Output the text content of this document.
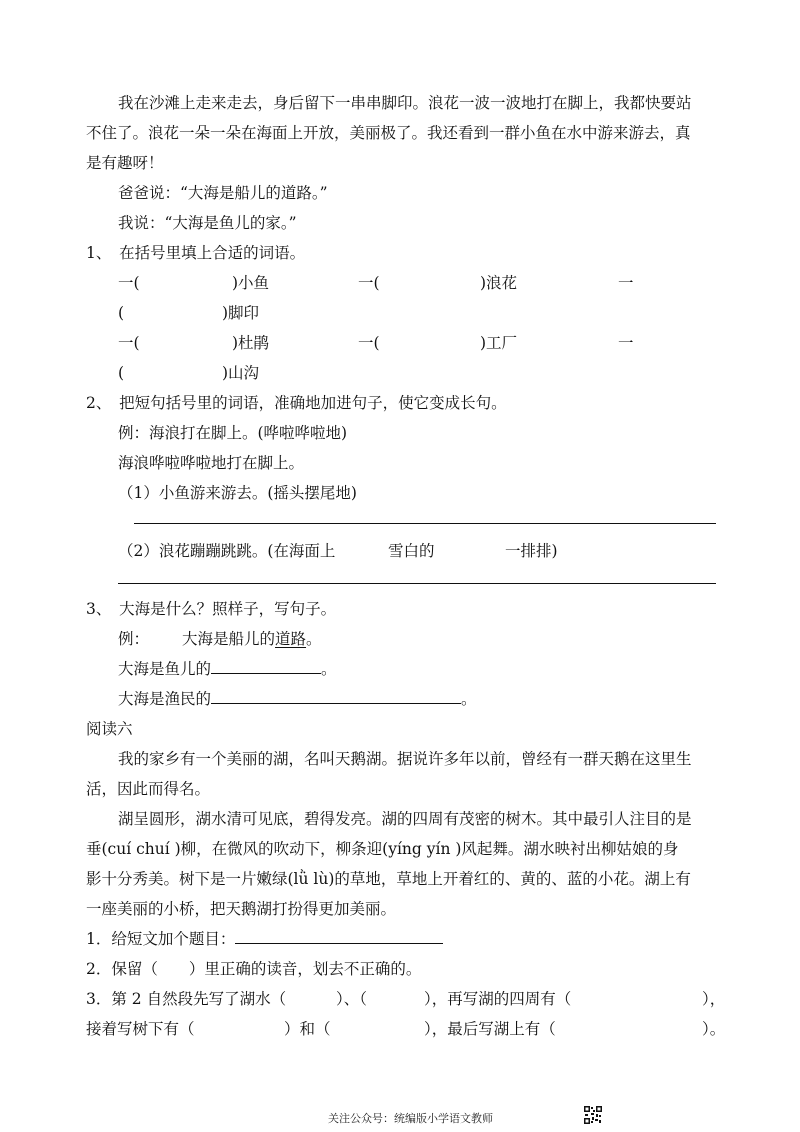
我在沙滩上走来走去，身后留下一串串脚印。浪花一波一波地打在脚上，我都快要站
不住了。浪花一朵一朵在海面上开放，美丽极了。我还看到一群小鱼在水中游来游去，真
是有趣呀！
爸爸说：“大海是船儿的道路。”
我说：“大海是鱼儿的家。”
1、　在括号里填上合适的词语。
一(	)小鱼	一(	)浪花	一
(	)脚印
一(	)杜鹃	一(	)工厂	一
(	)山沟
2、　把短句括号里的词语，准确地加进句子，使它变成长句。
例：海浪打在脚上。(哗啦哗啦地)
海浪哗啦哗啦地打在脚上。
（1）小鱼游来游去。(摇头摆尾地)
（2）浪花蹦蹦跳跳。(在海面上	雪白的	一排排)
3、　大海是什么？照样子，写句子。
例： 大海是船儿的道路。
大海是鱼儿的	。
大海是渔民的	。
阅读六
我的家乡有一个美丽的湖，名叫天鹅湖。据说许多年以前，曾经有一群天鹅在这里生
活，因此而得名。
湖呈圆形，湖水清可见底，碧得发亮。湖的四周有茂密的树木。其中最引人注目的是
垂(cuí chuí )柳，在微风的吹动下，柳条迎(yíng yín )风起舞。湖水映衬出柳姑娘的身
影十分秀美。树下是一片嫩绿(lǜ lù)的草地，草地上开着红的、黄的、蓝的小花。湖上有
一座美丽的小桥，把天鹅湖打扮得更加美丽。
1．给短文加个题目：
2．保留（　　）里正确的读音，划去不正确的。
3．第 2 自然段先写了湖水（	）、（	），再写湖的四周有（	），
接着写树下有（	）和（	），最后写湖上有（	）。
关注公众号：统编版小学语文教师
